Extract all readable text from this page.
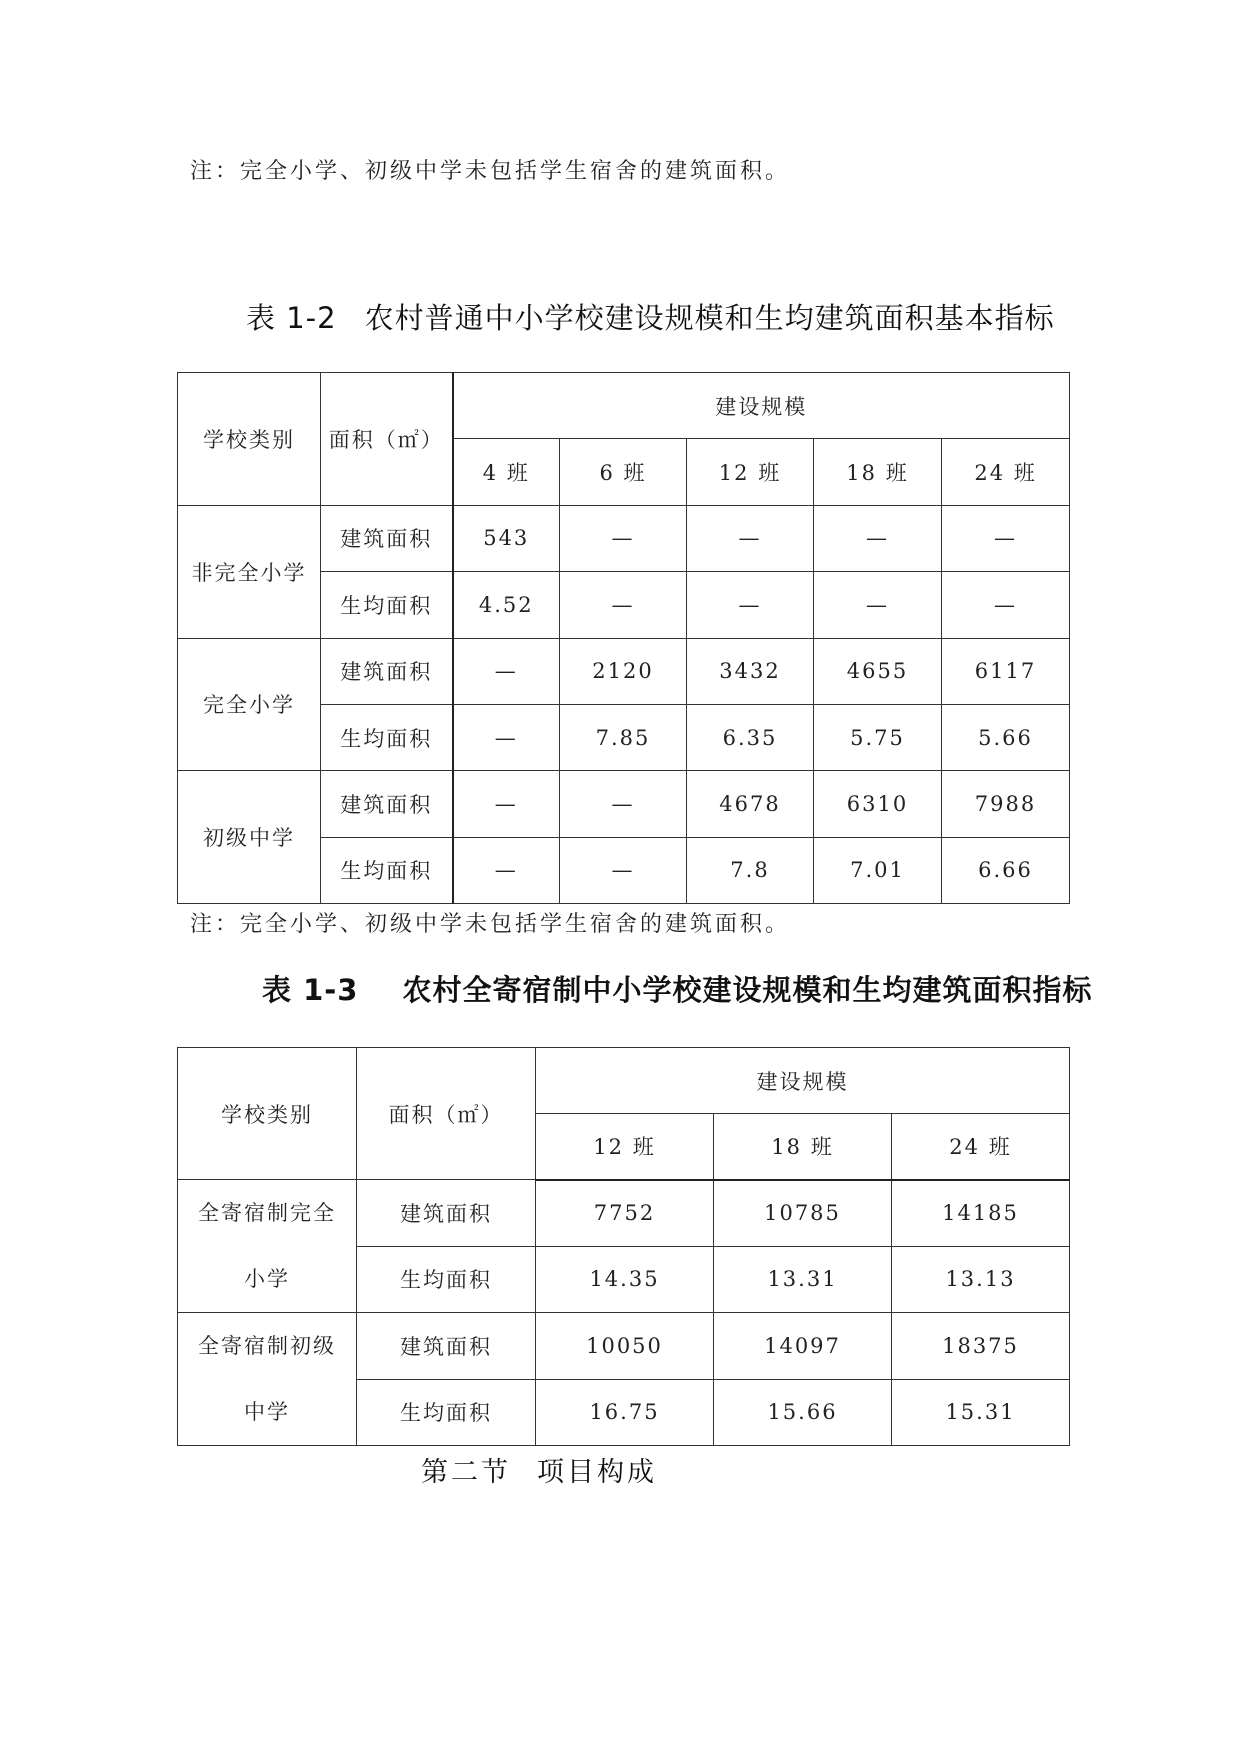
注：完全小学、初级中学未包括学生宿舍的建筑面积。
表 1-2 农村普通中小学校建设规模和生均建筑面积基本指标
学校类别	面积（㎡）	建设规模				
		4 班	6 班	12 班	18 班	24 班
非完全小学	建筑面积	543	—	—	—	—
	生均面积	4.52	—	—	—	—
完全小学	建筑面积	—	2120	3432	4655	6117
	生均面积	—	7.85	6.35	5.75	5.66
初级中学	建筑面积	—	—	4678	6310	7988
	生均面积	—	—	7.8	7.01	6.66
注：完全小学、初级中学未包括学生宿舍的建筑面积。
表 1-3 农村全寄宿制中小学校建设规模和生均建筑面积指标
学校类别	面积（㎡）	建设规模		
		12 班	18 班	24 班

全寄宿制完全
小学	建筑面积	7752	10785	14185
	生均面积	14.35	13.31	13.13

全寄宿制初级
中学	建筑面积	10050	14097	18375
	生均面积	16.75	15.66	15.31
第二节 项目构成
